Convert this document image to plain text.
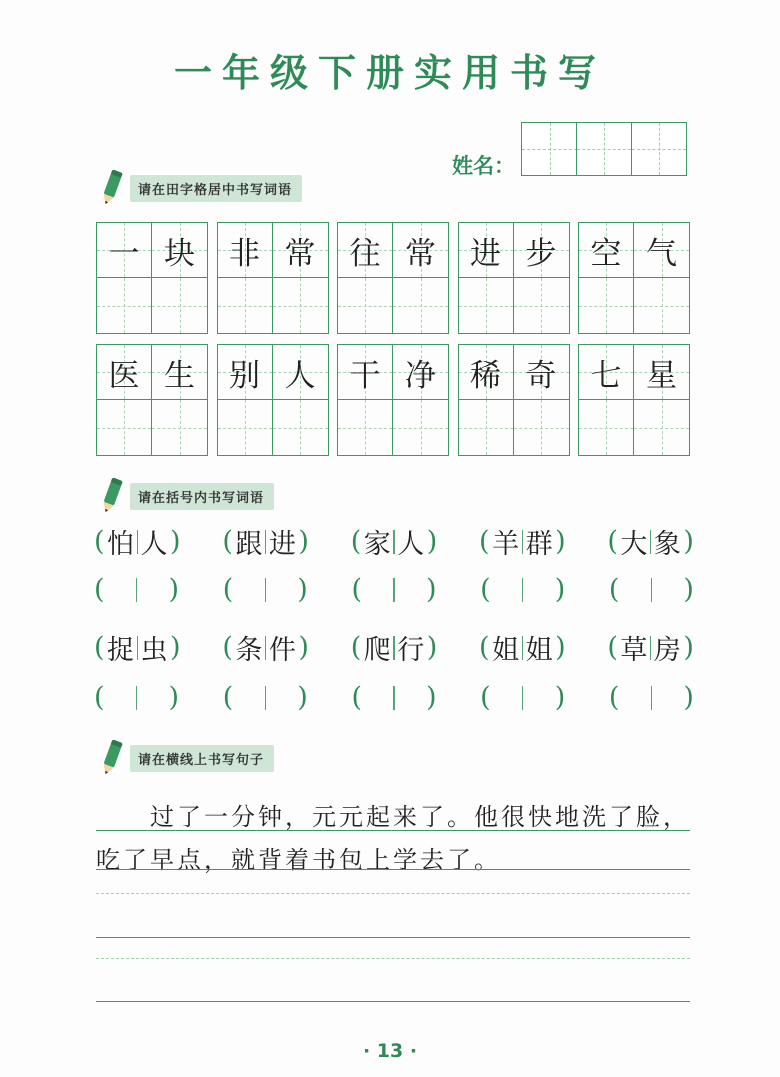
一年级下册实用书写
姓名：
请在田字格居中书写词语
一 块 非 常 往 常 进 步 空 气
医 生 别 人 干 净 稀 奇 七 星
请在括号内书写词语
( 怕 人 ) ( 跟 进 ) ( 家 人 ) ( 羊 群 ) ( 大 象 )
( ) ( ) ( ) ( ) ( )
( 捉 虫 ) ( 条 件 ) ( 爬 行 ) ( 姐 姐 ) ( 草 房 )
( ) ( ) ( ) ( ) ( )
请在横线上书写句子
过了一分钟，元元起来了。他很快地洗了脸，
吃了早点，就背着书包上学去了。
· 13 ·
